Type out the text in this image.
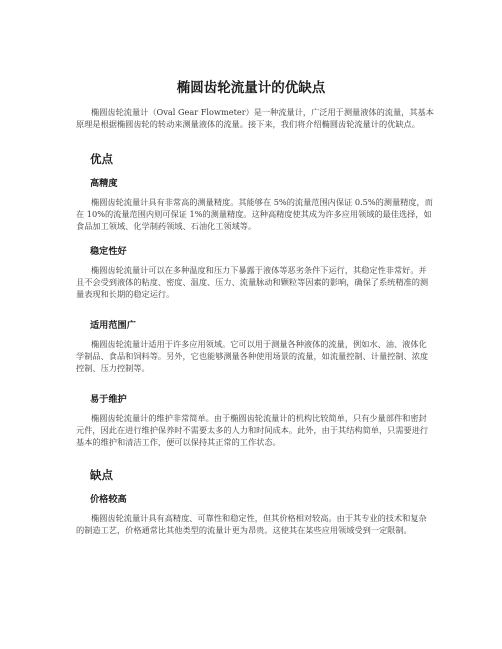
椭圆齿轮流量计的优缺点

椭圆齿轮流量计（Oval Gear Flowmeter）是一种流量计，广泛用于测量液体的流量，其基本原理是根据椭圆齿轮的转动来测量液体的流量。接下来，我们将介绍椭圆齿轮流量计的优缺点。

优点
高精度

椭圆齿轮流量计具有非常高的测量精度。其能够在 5%的流量范围内保证 0.5%的测量精度，而在 10%的流量范围内则可保证 1%的测量精度。这种高精度使其成为许多应用领域的最佳选择，如食品加工领域、化学制药领域、石油化工领域等。

稳定性好

椭圆齿轮流量计可以在多种温度和压力下暴露于液体等恶劣条件下运行，其稳定性非常好。并且不会受到液体的粘度、密度、温度、压力、流量脉动和颗粒等因素的影响，确保了系统精准的测量表现和长期的稳定运行。

适用范围广

椭圆齿轮流量计适用于许多应用领域。它可以用于测量各种液体的流量，例如水、油、液体化学制品、食品和饲料等。另外，它也能够测量各种使用场景的流量，如流量控制、计量控制、浓度控制、压力控制等。

易于维护

椭圆齿轮流量计的维护非常简单。由于椭圆齿轮流量计的机构比较简单，只有少量部件和密封元件，因此在进行维护保养时不需要太多的人力和时间成本。此外，由于其结构简单，只需要进行基本的维护和清洁工作，便可以保持其正常的工作状态。

缺点
价格较高

椭圆齿轮流量计具有高精度、可靠性和稳定性，但其价格相对较高。由于其专业的技术和复杂的制造工艺，价格通常比其他类型的流量计更为昂贵。这使其在某些应用领域受到一定限制。
